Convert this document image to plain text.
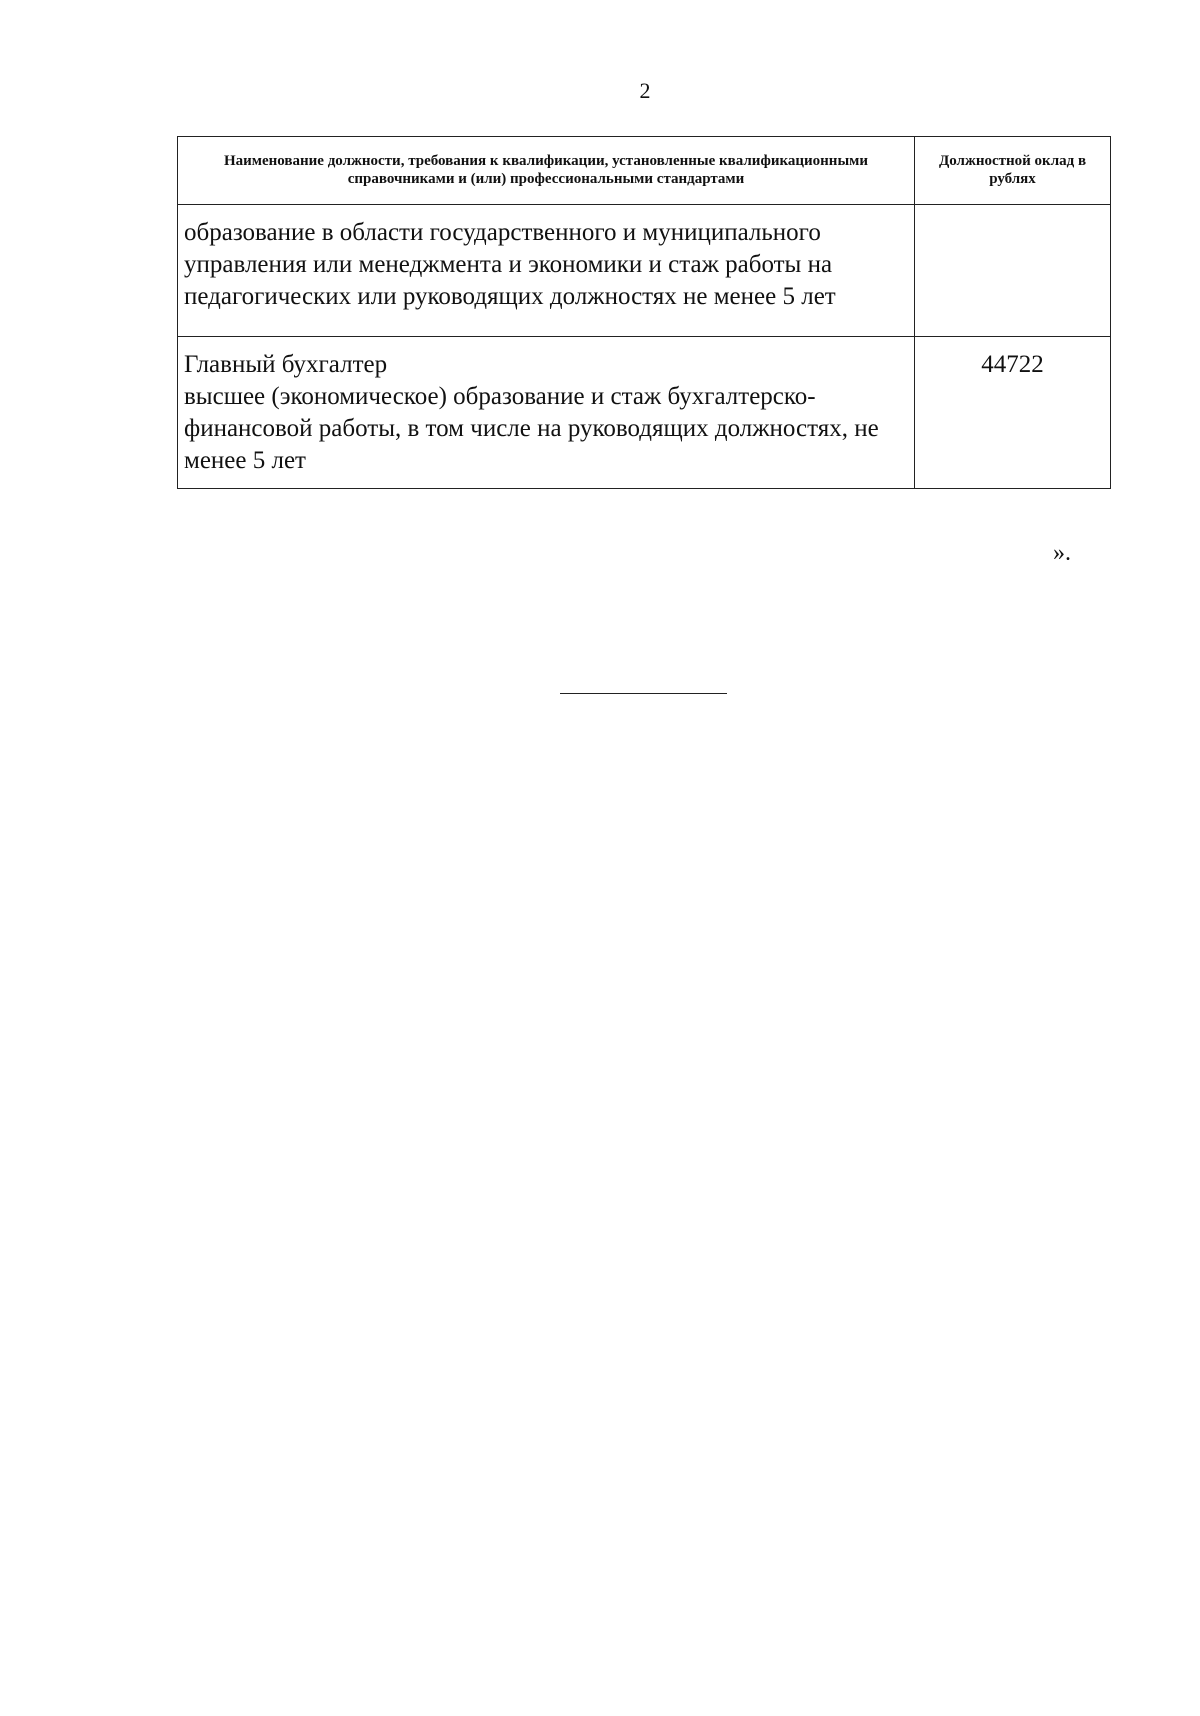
2
Наименование должности, требования к квалификации, установленные квалификационными справочниками и (или) профессиональными стандартами	Должностной оклад в рублях
образование в области государственного и муниципального управления или менеджмента и экономики и стаж работы на педагогических или руководящих должностях не менее 5 лет	

Главный бухгалтер
высшее (экономическое) образование и стаж бухгалтерско-финансовой работы, в том числе на руководящих должностях, не менее 5 лет	44722
».
